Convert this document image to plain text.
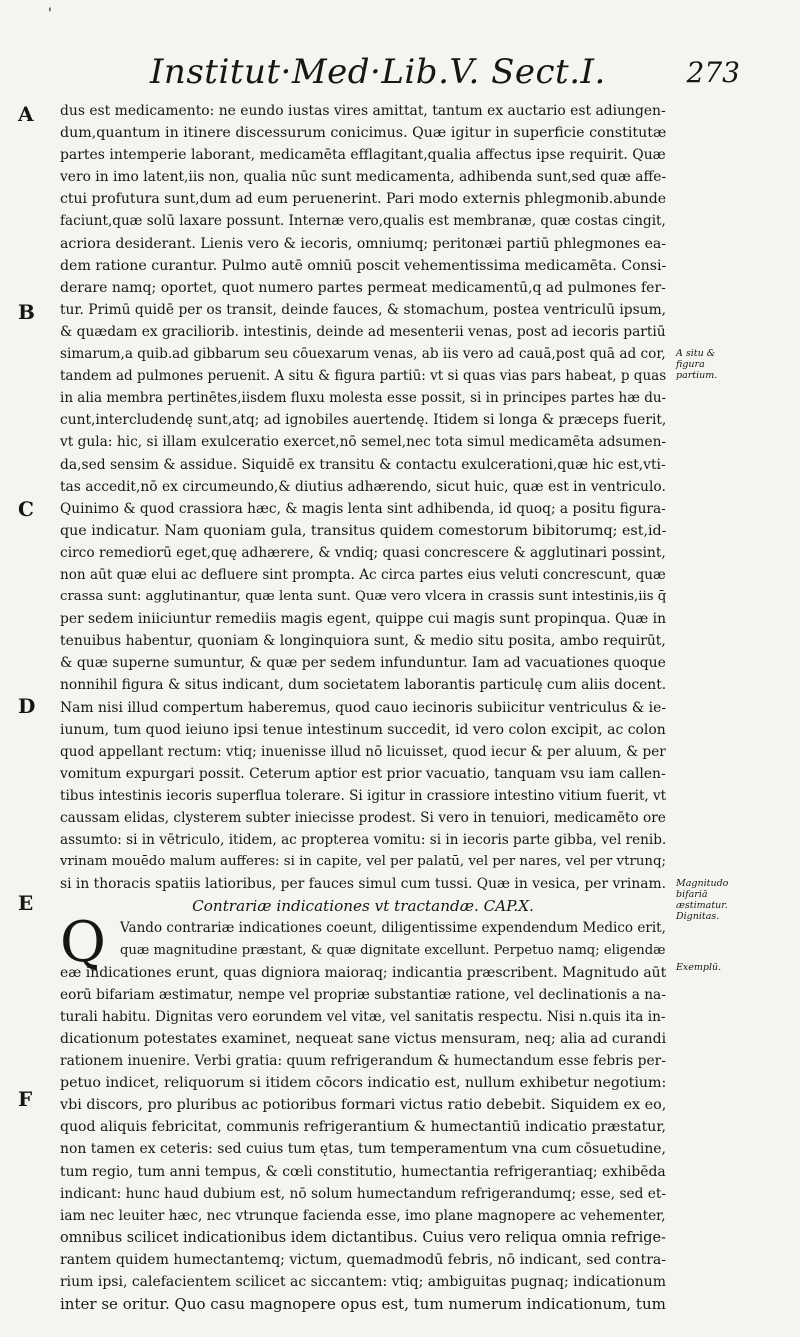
'
Institut·Med·Lib.V. Sect.I.	273
A
B
C
D
E
F
A situ & figura partium.
Magnitudo bifariā æstimatur. Dignitas.
Exemplū.
dus est medicamento: ne eundo iustas vires amittat, tantum ex auctario est adiungen-
dum,quantum in itinere discessurum conicimus. Quæ igitur in superficie constitutæ
partes intemperie laborant, medicamēta efflagitant,qualia affectus ipse requirit. Quæ
vero in imo latent,iis non, qualia nūc sunt medicamenta, adhibenda sunt,sed quæ affe-
ctui profutura sunt,dum ad eum peruenerint. Pari modo externis phlegmonib.abunde
faciunt,quæ solū laxare possunt. Internæ vero,qualis est membranæ, quæ costas cingit,
acriora desiderant. Lienis vero & iecoris, omniumq; peritonæi partiū phlegmones ea-
dem ratione curantur. Pulmo autē omniū poscit vehementissima medicamēta. Consi-
derare namq; oportet, quot numero partes permeat medicamentū,q ad pulmones fer-
tur. Primū quidē per os transit, deinde fauces, & stomachum, postea ventriculū ipsum,
& quædam ex graciliorib. intestinis, deinde ad mesenterii venas, post ad iecoris partiū
simarum,a quib.ad gibbarum seu cōuexarum venas, ab iis vero ad cauā,post quā ad cor,
tandem ad pulmones peruenit. A situ & figura partiū: vt si quas vias pars habeat, p quas
in alia membra pertinētes,iisdem fluxu molesta esse possit, si in principes partes hæ du-
cunt,intercludendę sunt,atq; ad ignobiles auertendę. Itidem si longa & præceps fuerit,
vt gula: hic, si illam exulceratio exercet,nō semel,nec tota simul medicamēta adsumen-
da,sed sensim & assidue. Siquidē ex transitu & contactu exulcerationi,quæ hic est,vti-
tas accedit,nō ex circumeundo,& diutius adhærendo, sicut huic, quæ est in ventriculo.
Quinimo & quod crassiora hæc, & magis lenta sint adhibenda, id quoq; a positu figura-
que indicatur. Nam quoniam gula, transitus quidem comestorum bibitorumq; est,id-
circo remediorū eget,quę adhærere, & vndiq; quasi concrescere & agglutinari possint,
non aūt quæ elui ac defluere sint prompta. Ac circa partes eius veluti concrescunt, quæ
crassa sunt: agglutinantur, quæ lenta sunt. Quæ vero vlcera in crassis sunt intestinis,iis q̄
per sedem iniiciuntur remediis magis egent, quippe cui magis sunt propinqua. Quæ in
tenuibus habentur, quoniam & longinquiora sunt, & medio situ posita, ambo requirūt,
& quæ superne sumuntur, & quæ per sedem infunduntur. Iam ad vacuationes quoque
nonnihil figura & situs indicant, dum societatem laborantis particulę cum aliis docent.
Nam nisi illud compertum haberemus, quod cauo iecinoris subiicitur ventriculus & ie-
iunum, tum quod ieiuno ipsi tenue intestinum succedit, id vero colon excipit, ac colon
quod appellant rectum: vtiq; inuenisse illud nō licuisset, quod iecur & per aluum, & per
vomitum expurgari possit. Ceterum aptior est prior vacuatio, tanquam vsu iam callen-
tibus intestinis iecoris superflua tolerare. Si igitur in crassiore intestino vitium fuerit, vt
caussam elidas, clysterem subter iniecisse prodest. Si vero in tenuiori, medicamēto ore
assumto: si in vētriculo, itidem, ac propterea vomitu: si in iecoris parte gibba, vel renib.
vrinam mouēdo malum aufferes: si in capite, vel per palatū, vel per nares, vel per vtrunq;
si in thoracis spatiis latioribus, per fauces simul cum tussi. Quæ in vesica, per vrinam.
Contrariæ indicationes vt tractandæ. CAP.X.
Q	Vando contrariæ indicationes coeunt, diligentissime expendendum Medico erit,
quæ magnitudine præstant, & quæ dignitate excellunt. Perpetuo namq; eligendæ
eæ indicationes erunt, quas digniora maioraq; indicantia præscribent. Magnitudo aūt
eorū bifariam æstimatur, nempe vel propriæ substantiæ ratione, vel declinationis a na-
turali habitu. Dignitas vero eorundem vel vitæ, vel sanitatis respectu. Nisi n.quis ita in-
dicationum potestates examinet, nequeat sane victus mensuram, neq; alia ad curandi
rationem inuenire. Verbi gratia: quum refrigerandum & humectandum esse febris per-
petuo indicet, reliquorum si itidem cōcors indicatio est, nullum exhibetur negotium:
vbi discors, pro pluribus ac potioribus formari victus ratio debebit. Siquidem ex eo,
quod aliquis febricitat, communis refrigerantium & humectantiū indicatio præstatur,
non tamen ex ceteris: sed cuius tum ętas, tum temperamentum vna cum cōsuetudine,
tum regio, tum anni tempus, & cœli constitutio, humectantia refrigerantiaq; exhibēda
indicant: hunc haud dubium est, nō solum humectandum refrigerandumq; esse, sed et-
iam nec leuiter hæc, nec vtrunque facienda esse, imo plane magnopere ac vehementer,
omnibus scilicet indicationibus idem dictantibus. Cuius vero reliqua omnia refrige-
rantem quidem humectantemq; victum, quemadmodū febris, nō indicant, sed contra-
rium ipsi, calefacientem scilicet ac siccantem: vtiq; ambiguitas pugnaq; indicationum
inter se oritur. Quo casu magnopere opus est, tum numerum indicationum, tum
